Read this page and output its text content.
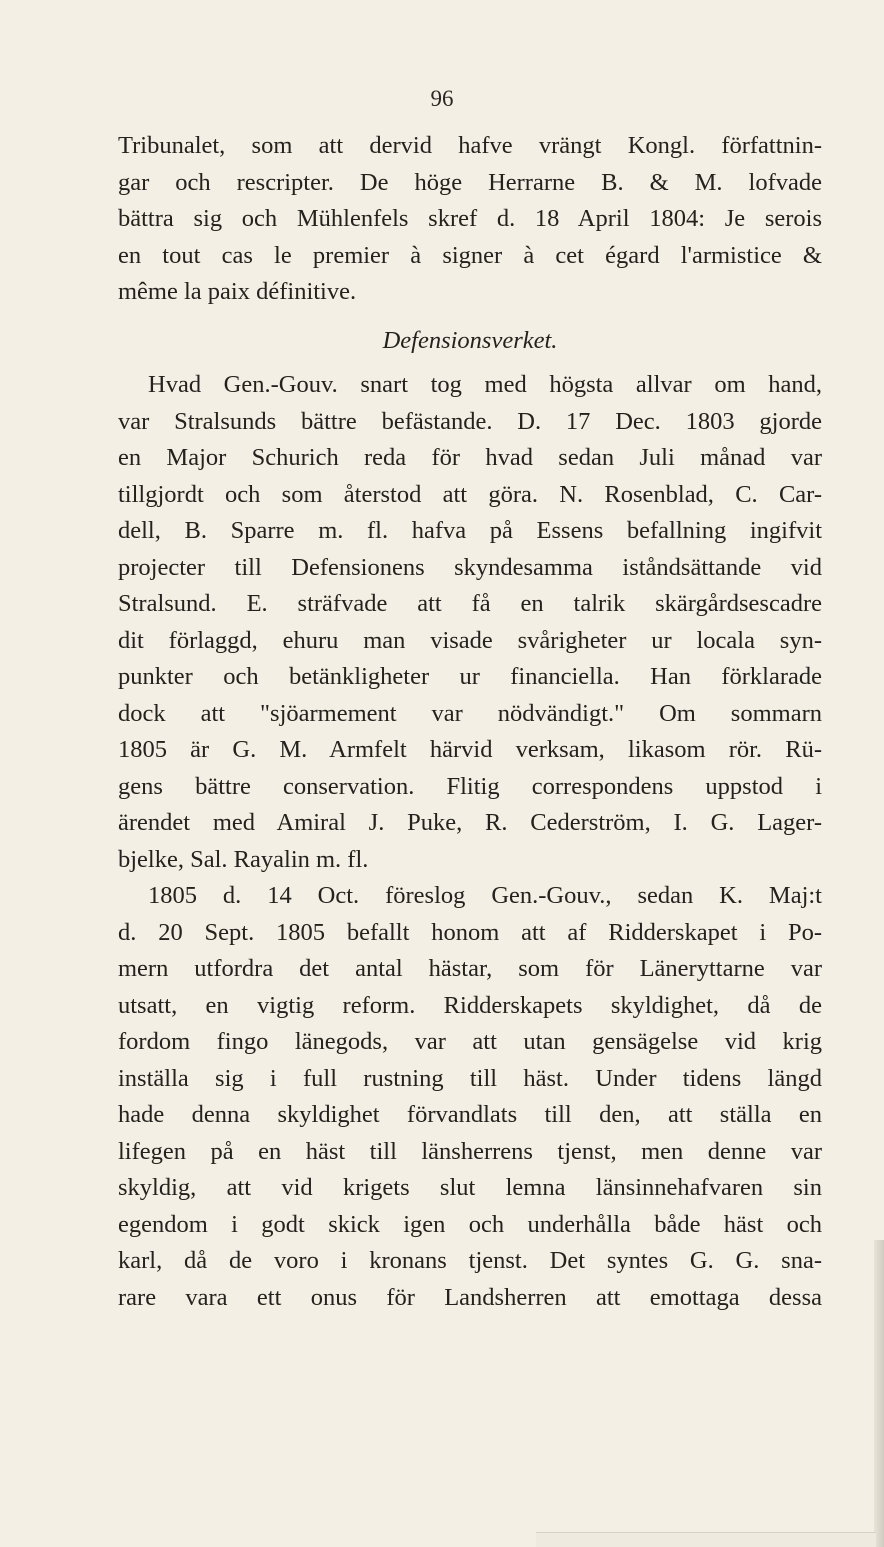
96
Tribunalet, som att dervid hafve vrängt Kongl. författnin-
gar och rescripter. De höge Herrarne B. & M. lofvade
bättra sig och Mühlenfels skref d. 18 April 1804: Je serois
en tout cas le premier à signer à cet égard l'armistice &
même la paix définitive.
Defensionsverket.
Hvad Gen.-Gouv. snart tog med högsta allvar om hand,
var Stralsunds bättre befästande. D. 17 Dec. 1803 gjorde
en Major Schurich reda för hvad sedan Juli månad var
tillgjordt och som återstod att göra. N. Rosenblad, C. Car-
dell, B. Sparre m. fl. hafva på Essens befallning ingifvit
projecter till Defensionens skyndesamma iståndsättande vid
Stralsund. E. sträfvade att få en talrik skärgårdsescadre
dit förlaggd, ehuru man visade svårigheter ur locala syn-
punkter och betänkligheter ur financiella. Han förklarade
dock att "sjöarmement var nödvändigt." Om sommarn
1805 är G. M. Armfelt härvid verksam, likasom rör. Rü-
gens bättre conservation. Flitig correspondens uppstod i
ärendet med Amiral J. Puke, R. Cederström, I. G. Lager-
bjelke, Sal. Rayalin m. fl.
1805 d. 14 Oct. föreslog Gen.-Gouv., sedan K. Maj:t
d. 20 Sept. 1805 befallt honom att af Ridderskapet i Po-
mern utfordra det antal hästar, som för Läneryttarne var
utsatt, en vigtig reform. Ridderskapets skyldighet, då de
fordom fingo länegods, var att utan gensägelse vid krig
inställa sig i full rustning till häst. Under tidens längd
hade denna skyldighet förvandlats till den, att ställa en
lifegen på en häst till länsherrens tjenst, men denne var
skyldig, att vid krigets slut lemna länsinnehafvaren sin
egendom i godt skick igen och underhålla både häst och
karl, då de voro i kronans tjenst. Det syntes G. G. sna-
rare vara ett onus för Landsherren att emottaga dessa
